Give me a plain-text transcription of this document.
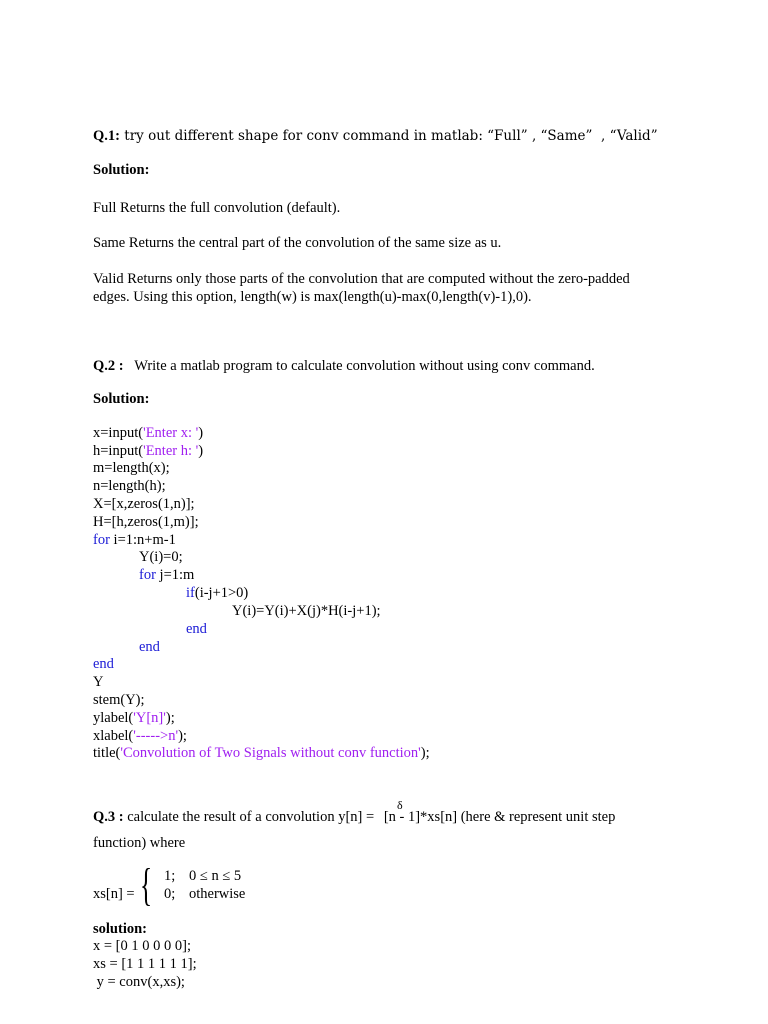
Q.1: try out different shape for conv command in matlab: “Full” , “Same”  , “Valid”
Solution:
Full Returns the full convolution (default).
Same Returns the central part of the convolution of the same size as u.
Valid Returns only those parts of the convolution that are computed without the zero-padded
edges. Using this option, length(w) is max(length(u)-max(0,length(v)-1),0).
Q.2 :   Write a matlab program to calculate convolution without using conv command.
Solution:
x=input('Enter x: ')
h=input('Enter h: ')
m=length(x);
n=length(h);
X=[x,zeros(1,n)];
H=[h,zeros(1,m)];
for i=1:n+m-1
Y(i)=0;
for j=1:m
if(i-j+1>0)
Y(i)=Y(i)+X(j)*H(i-j+1);
end
end
end
Y
stem(Y);
ylabel('Y[n]');
xlabel('----->n');
title('Convolution of Two Signals without conv function');
δ
Q.3 : calculate the result of a convolution y[n] = [n - 1]*xs[n] (here & represent unit step
function) where
{
xs[n] =
1; 0 ≤ n ≤ 5
0; otherwise
solution:
x = [0 1 0 0 0 0];
xs = [1 1 1 1 1 1];
y = conv(x,xs);
